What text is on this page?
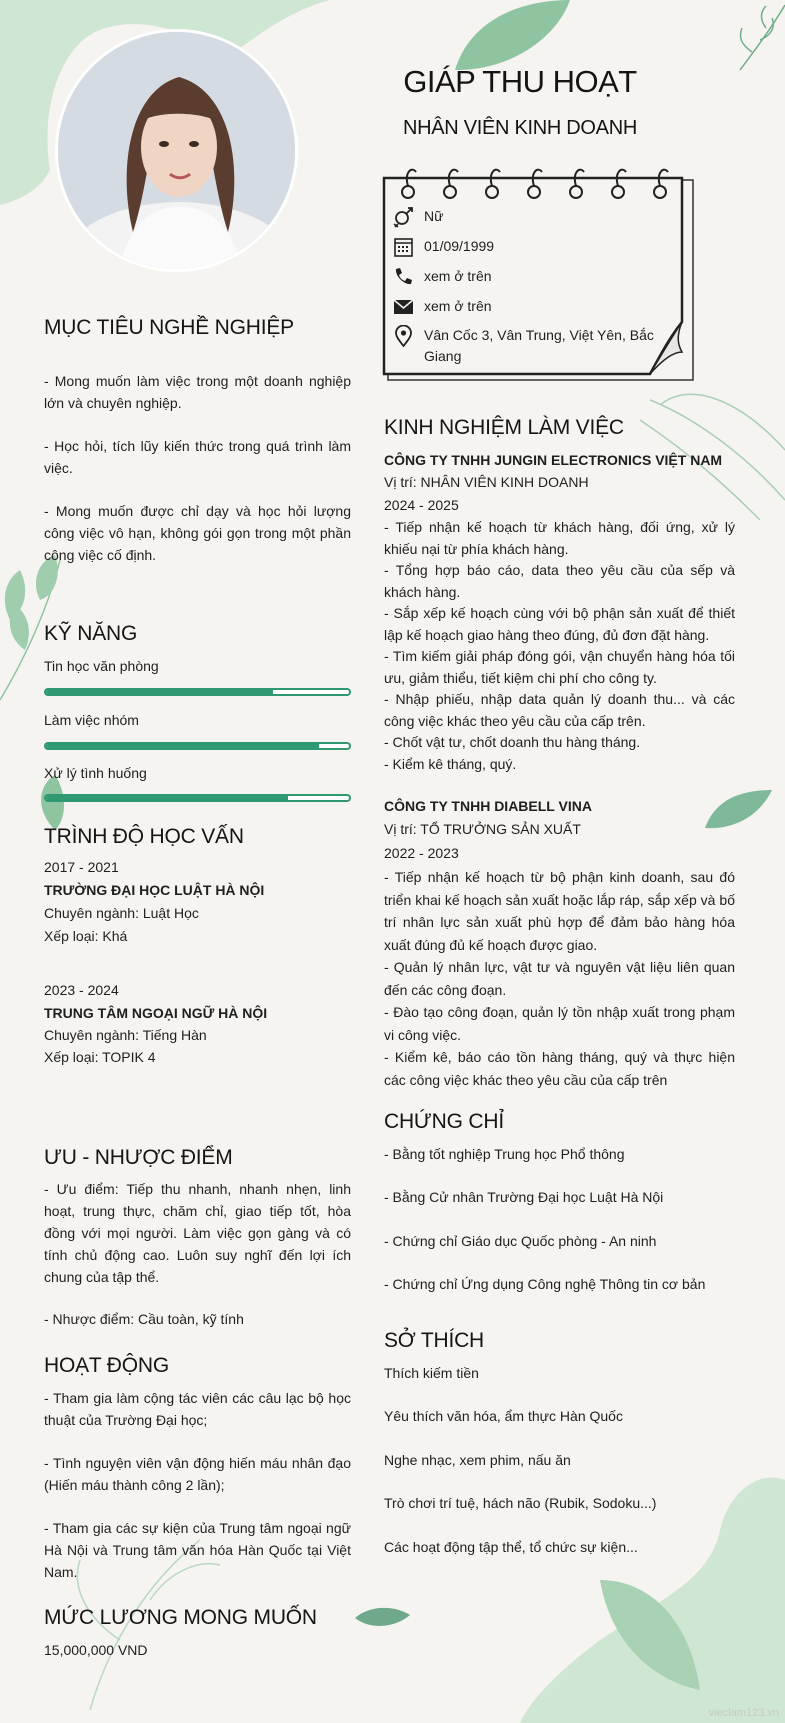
GIÁP THU HOẠT
NHÂN VIÊN KINH DOANH
Nữ
01/09/1999
xem ở trên
xem ở trên
Vân Cốc 3, Vân Trung, Việt Yên, Bắc
Giang
MỤC TIÊU NGHỀ NGHIỆP
- Mong muốn làm việc trong một doanh nghiệp lớn và chuyên nghiệp.
- Học hỏi, tích lũy kiến thức trong quá trình làm việc.
- Mong muốn được chỉ dạy và học hỏi lượng công việc vô hạn, không gói gọn trong một phần công việc cố định.
KỸ NĂNG
Tin học văn phòng
Làm việc nhóm
Xử lý tình huống
TRÌNH ĐỘ HỌC VẤN
2017 - 2021
TRƯỜNG ĐẠI HỌC LUẬT HÀ NỘI
Chuyên ngành: Luật Học
Xếp loại: Khá
2023 - 2024
TRUNG TÂM NGOẠI NGỮ HÀ NỘI
Chuyên ngành: Tiếng Hàn
Xếp loại: TOPIK 4
ƯU - NHƯỢC ĐIỂM
- Ưu điểm: Tiếp thu nhanh, nhanh nhẹn, linh hoạt, trung thực, chăm chỉ, giao tiếp tốt, hòa đồng với mọi người. Làm việc gọn gàng và có tính chủ động cao. Luôn suy nghĩ đến lợi ích chung của tập thể.
- Nhược điểm: Cầu toàn, kỹ tính
HOẠT ĐỘNG
- Tham gia làm cộng tác viên các câu lạc bộ học thuật của Trường Đại học;
- Tình nguyện viên vận động hiến máu nhân đạo (Hiến máu thành công 2 lần);
- Tham gia các sự kiện của Trung tâm ngoại ngữ Hà Nội và Trung tâm văn hóa Hàn Quốc tại Việt Nam.
MỨC LƯƠNG MONG MUỐN
15,000,000 VND
KINH NGHIỆM LÀM VIỆC
CÔNG TY TNHH JUNGIN ELECTRONICS VIỆT NAM
Vị trí: NHÂN VIÊN KINH DOANH
2024 - 2025
- Tiếp nhận kế hoạch từ khách hàng, đối ứng, xử lý khiếu nại từ phía khách hàng.
- Tổng hợp báo cáo, data theo yêu cầu của sếp và khách hàng.
- Sắp xếp kế hoạch cùng với bộ phận sản xuất để thiết lập kế hoạch giao hàng theo đúng, đủ đơn đặt hàng.
- Tìm kiếm giải pháp đóng gói, vận chuyển hàng hóa tối ưu, giảm thiểu, tiết kiệm chi phí cho công ty.
- Nhập phiếu, nhập data quản lý doanh thu... và các công việc khác theo yêu cầu của cấp trên.
- Chốt vật tư, chốt doanh thu hàng tháng.
- Kiểm kê tháng, quý.
CÔNG TY TNHH DIABELL VINA
Vị trí: TỔ TRƯỞNG SẢN XUẤT
2022 - 2023
- Tiếp nhận kế hoạch từ bộ phận kinh doanh, sau đó triển khai kế hoạch sản xuất hoặc lắp ráp, sắp xếp và bố trí nhân lực sản xuất phù hợp để đảm bảo hàng hóa xuất đúng đủ kế hoạch được giao.
- Quản lý nhân lực, vật tư và nguyên vật liệu liên quan đến các công đoạn.
- Đào tạo công đoạn, quản lý tồn nhập xuất trong phạm vi công việc.
- Kiểm kê, báo cáo tồn hàng tháng, quý và thực hiện các công việc khác theo yêu cầu của cấp trên
CHỨNG CHỈ
- Bằng tốt nghiệp Trung học Phổ thông
- Bằng Cử nhân Trường Đại học Luật Hà Nội
- Chứng chỉ Giáo dục Quốc phòng - An ninh
- Chứng chỉ Ứng dụng Công nghệ Thông tin cơ bản
SỞ THÍCH
Thích kiếm tiền
Yêu thích văn hóa, ẩm thực Hàn Quốc
Nghe nhạc, xem phim, nấu ăn
Trò chơi trí tuệ, hách não (Rubik, Sodoku...)
Các hoạt động tập thể, tổ chức sự kiện...
vieclam123.vn
